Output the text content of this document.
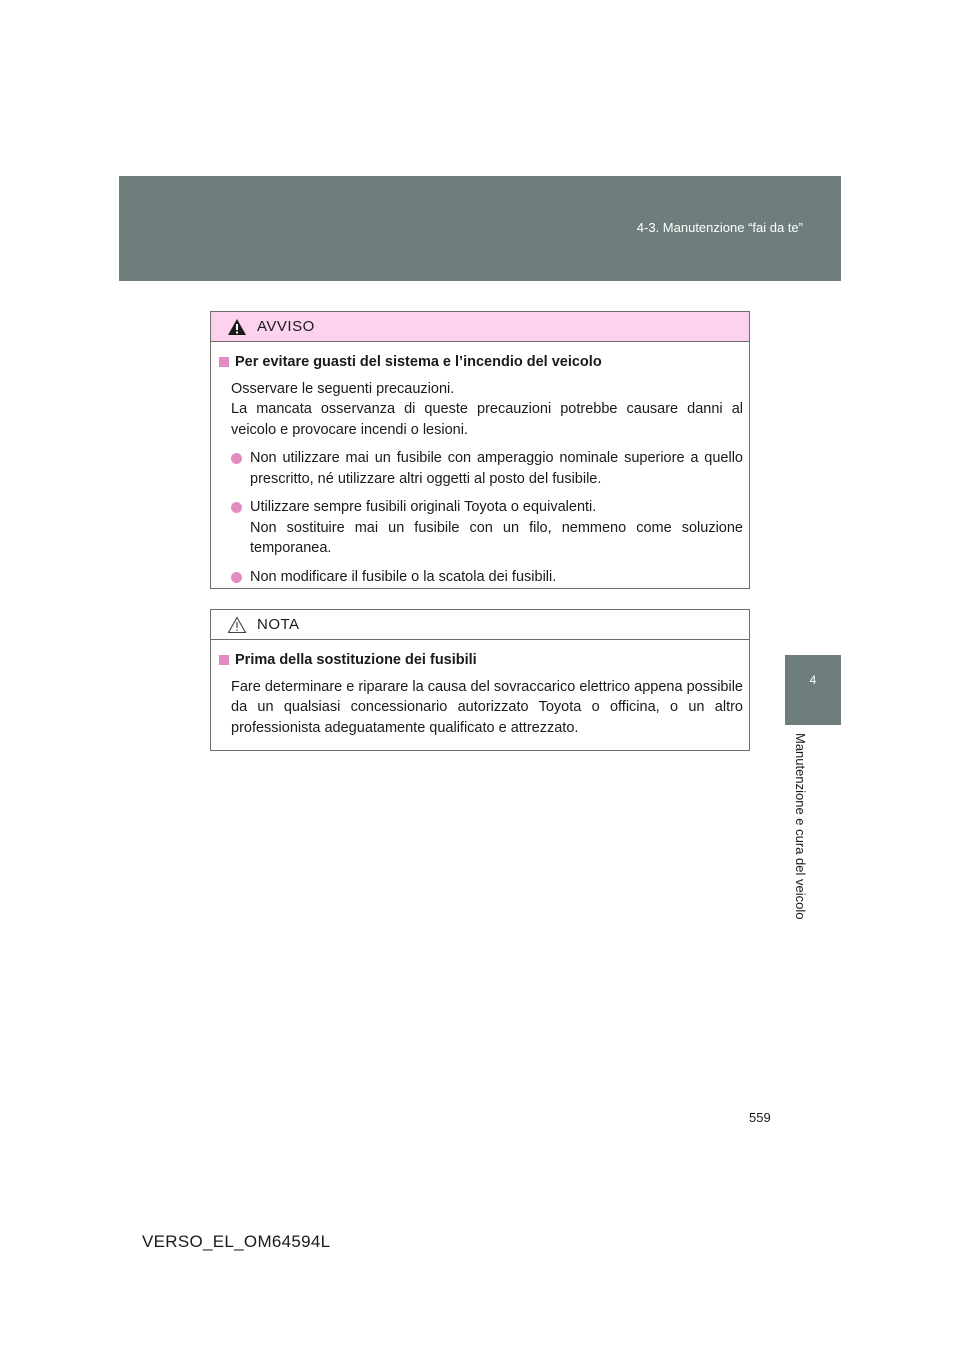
4-3. Manutenzione “fai da te”
4
Manutenzione e cura del veicolo
AVVISO
Per evitare guasti del sistema e l’incendio del veicolo

Osservare le seguenti precauzioni.

La mancata osservanza di queste precauzioni potrebbe causare danni al veicolo e provocare incendi o lesioni.

Non utilizzare mai un fusibile con amperaggio nominale superiore a quello prescritto, né utilizzare altri oggetti al posto del fusibile.

Utilizzare sempre fusibili originali Toyota o equivalenti.

Non sostituire mai un fusibile con un filo, nemmeno come soluzione temporanea.

Non modificare il fusibile o la scatola dei fusibili.

NOTA
Prima della sostituzione dei fusibili

Fare determinare e riparare la causa del sovraccarico elettrico appena possibile da un qualsiasi concessionario autorizzato Toyota o officina, o un altro professionista adeguatamente qualificato e attrezzato.

559
VERSO_EL_OM64594L
